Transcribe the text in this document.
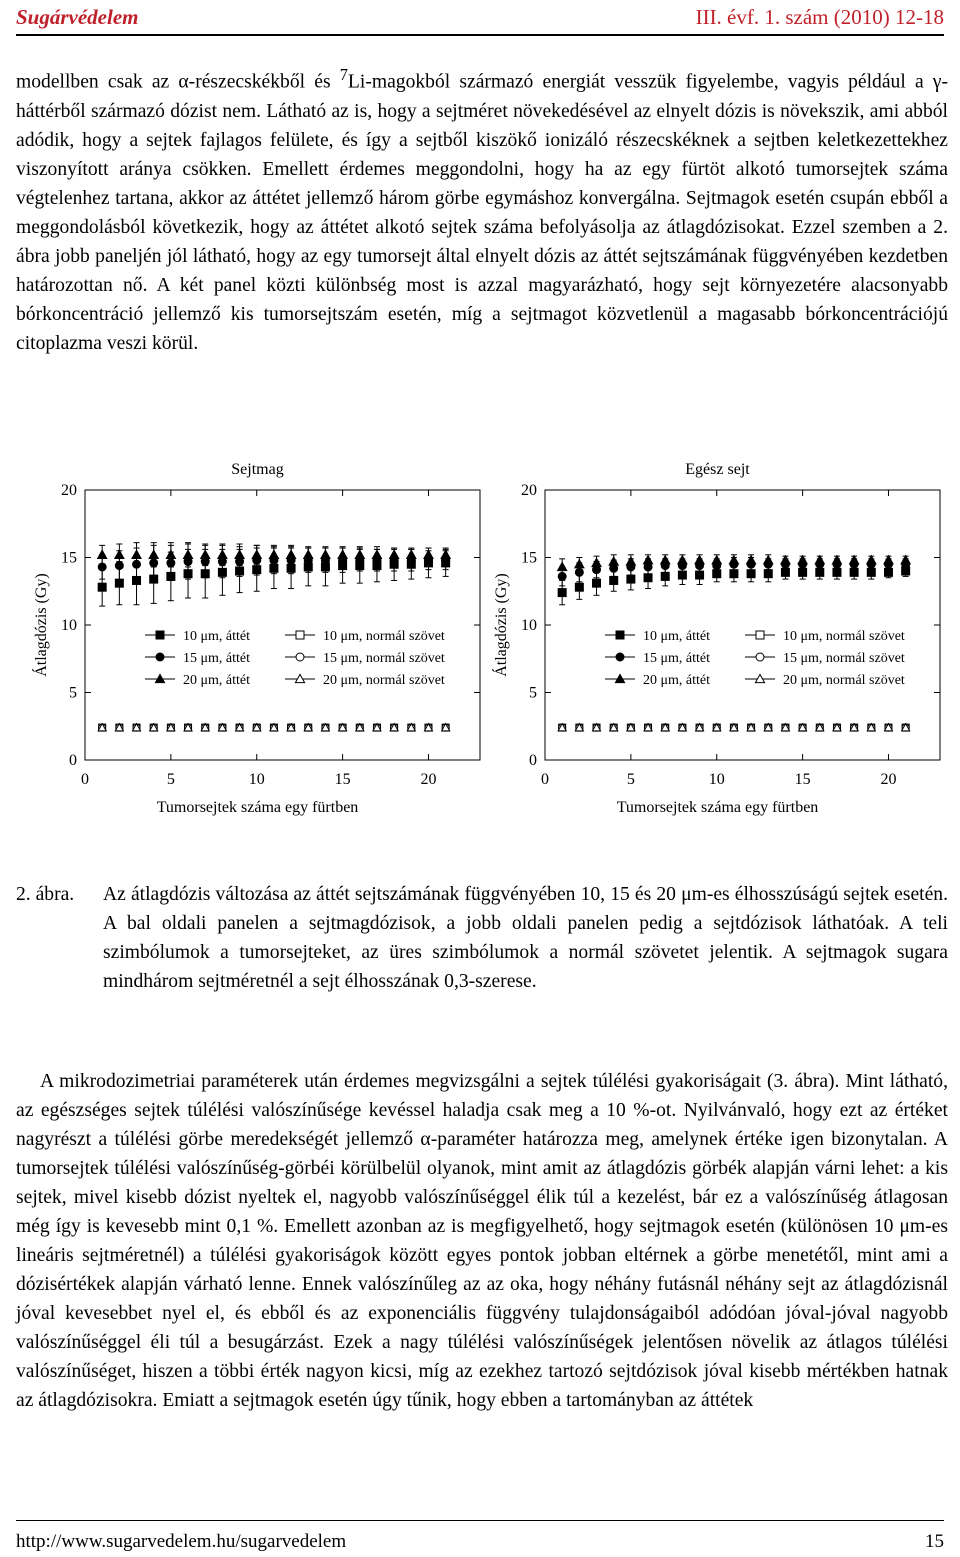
Sugárvédelem	III. évf. 1. szám (2010) 12-18

modellben csak az α-részecskékből és $^7$Li-magokból származó energiát vesszük figyelembe, vagyis például a γ-háttérből származó dózist nem. Látható az is, hogy a sejtméret növekedésével az elnyelt dózis is növekszik, ami abból adódik, hogy a sejtek fajlagos felülete, és így a sejtből kiszökő ionizáló részecskéknek a sejtben keletkezettekhez viszonyított aránya csökken. Emellett érdemes meggondolni, hogy ha az egy fürtöt alkotó tumorsejtek száma végtelenhez tartana, akkor az áttétet jellemző három görbe egymáshoz konvergálna. Sejtmagok esetén csupán ebből a meggondolásból következik, hogy az áttétet alkotó sejtek száma befolyásolja az átlagdózisokat. Ezzel szemben a 2. ábra jobb paneljén jól látható, hogy az egy tumorsejt által elnyelt dózis az áttét sejtszámának függvényében kezdetben határozottan nő. A két panel közti különbség most is azzal magyarázható, hogy sejt környezetére alacsonyabb bórkoncentráció jellemző kis tumorsejtszám esetén, míg a sejtmagot közvetlenül a magasabb bórkoncentrációjú citoplazma veszi körül.

Sejtmag
0	5	10	15	20
0
5
10
15
20
Tumorsejtek száma egy fürtben
Átlagdózis (Gy)	10 μm, áttét
15 μm, áttét
20 μm, áttét
10 μm, normál szövet
15 μm, normál szövet
20 μm, normál szövet
Egész sejt
0	5	10	15	20
0
5
10
15
20
Tumorsejtek száma egy fürtben
Átlagdózis (Gy)	10 μm, áttét
15 μm, áttét
20 μm, áttét
10 μm, normál szövet
15 μm, normál szövet
20 μm, normál szövet
2. ábra.	Az átlagdózis változása az áttét sejtszámának függvényében 10, 15 és 20 μm-es élhosszúságú sejtek esetén. A bal oldali panelen a sejtmagdózisok, a jobb oldali panelen pedig a sejtdózisok láthatóak. A teli szimbólumok a tumorsejteket, az üres szimbólumok a normál szövetet jelentik. A sejtmagok sugara mindhárom sejtméretnél a sejt élhosszának 0,3-szerese.

A mikrodozimetriai paraméterek után érdemes megvizsgálni a sejtek túlélési gyakoriságait (3. ábra). Mint látható, az egészséges sejtek túlélési valószínűsége kevéssel haladja csak meg a 10 %-ot. Nyilvánvaló, hogy ezt az értéket nagyrészt a túlélési görbe meredekségét jellemző α-paraméter határozza meg, amelynek értéke igen bizonytalan. A tumorsejtek túlélési valószínűség-görbéi körülbelül olyanok, mint amit az átlagdózis görbék alapján várni lehet: a kis sejtek, mivel kisebb dózist nyeltek el, nagyobb valószínűséggel élik túl a kezelést, bár ez a valószínűség átlagosan még így is kevesebb mint 0,1 %. Emellett azonban az is megfigyelhető, hogy sejtmagok esetén (különösen 10 μm-es lineáris sejtméretnél) a túlélési gyakoriságok között egyes pontok jobban eltérnek a görbe menetétől, mint ami a dózisértékek alapján várható lenne. Ennek valószínűleg az az oka, hogy néhány futásnál néhány sejt az átlagdózisnál jóval kevesebbet nyel el, és ebből és az exponenciális függvény tulajdonságaiból adódóan jóval-jóval nagyobb valószínűséggel éli túl a besugárzást. Ezek a nagy túlélési valószínűségek jelentősen növelik az átlagos túlélési valószínűséget, hiszen a többi érték nagyon kicsi, míg az ezekhez tartozó sejtdózisok jóval kisebb mértékben hatnak az átlagdózisokra. Emiatt a sejtmagok esetén úgy tűnik, hogy ebben a tartományban az áttétek

http://www.sugarvedelem.hu/sugarvedelem	15
